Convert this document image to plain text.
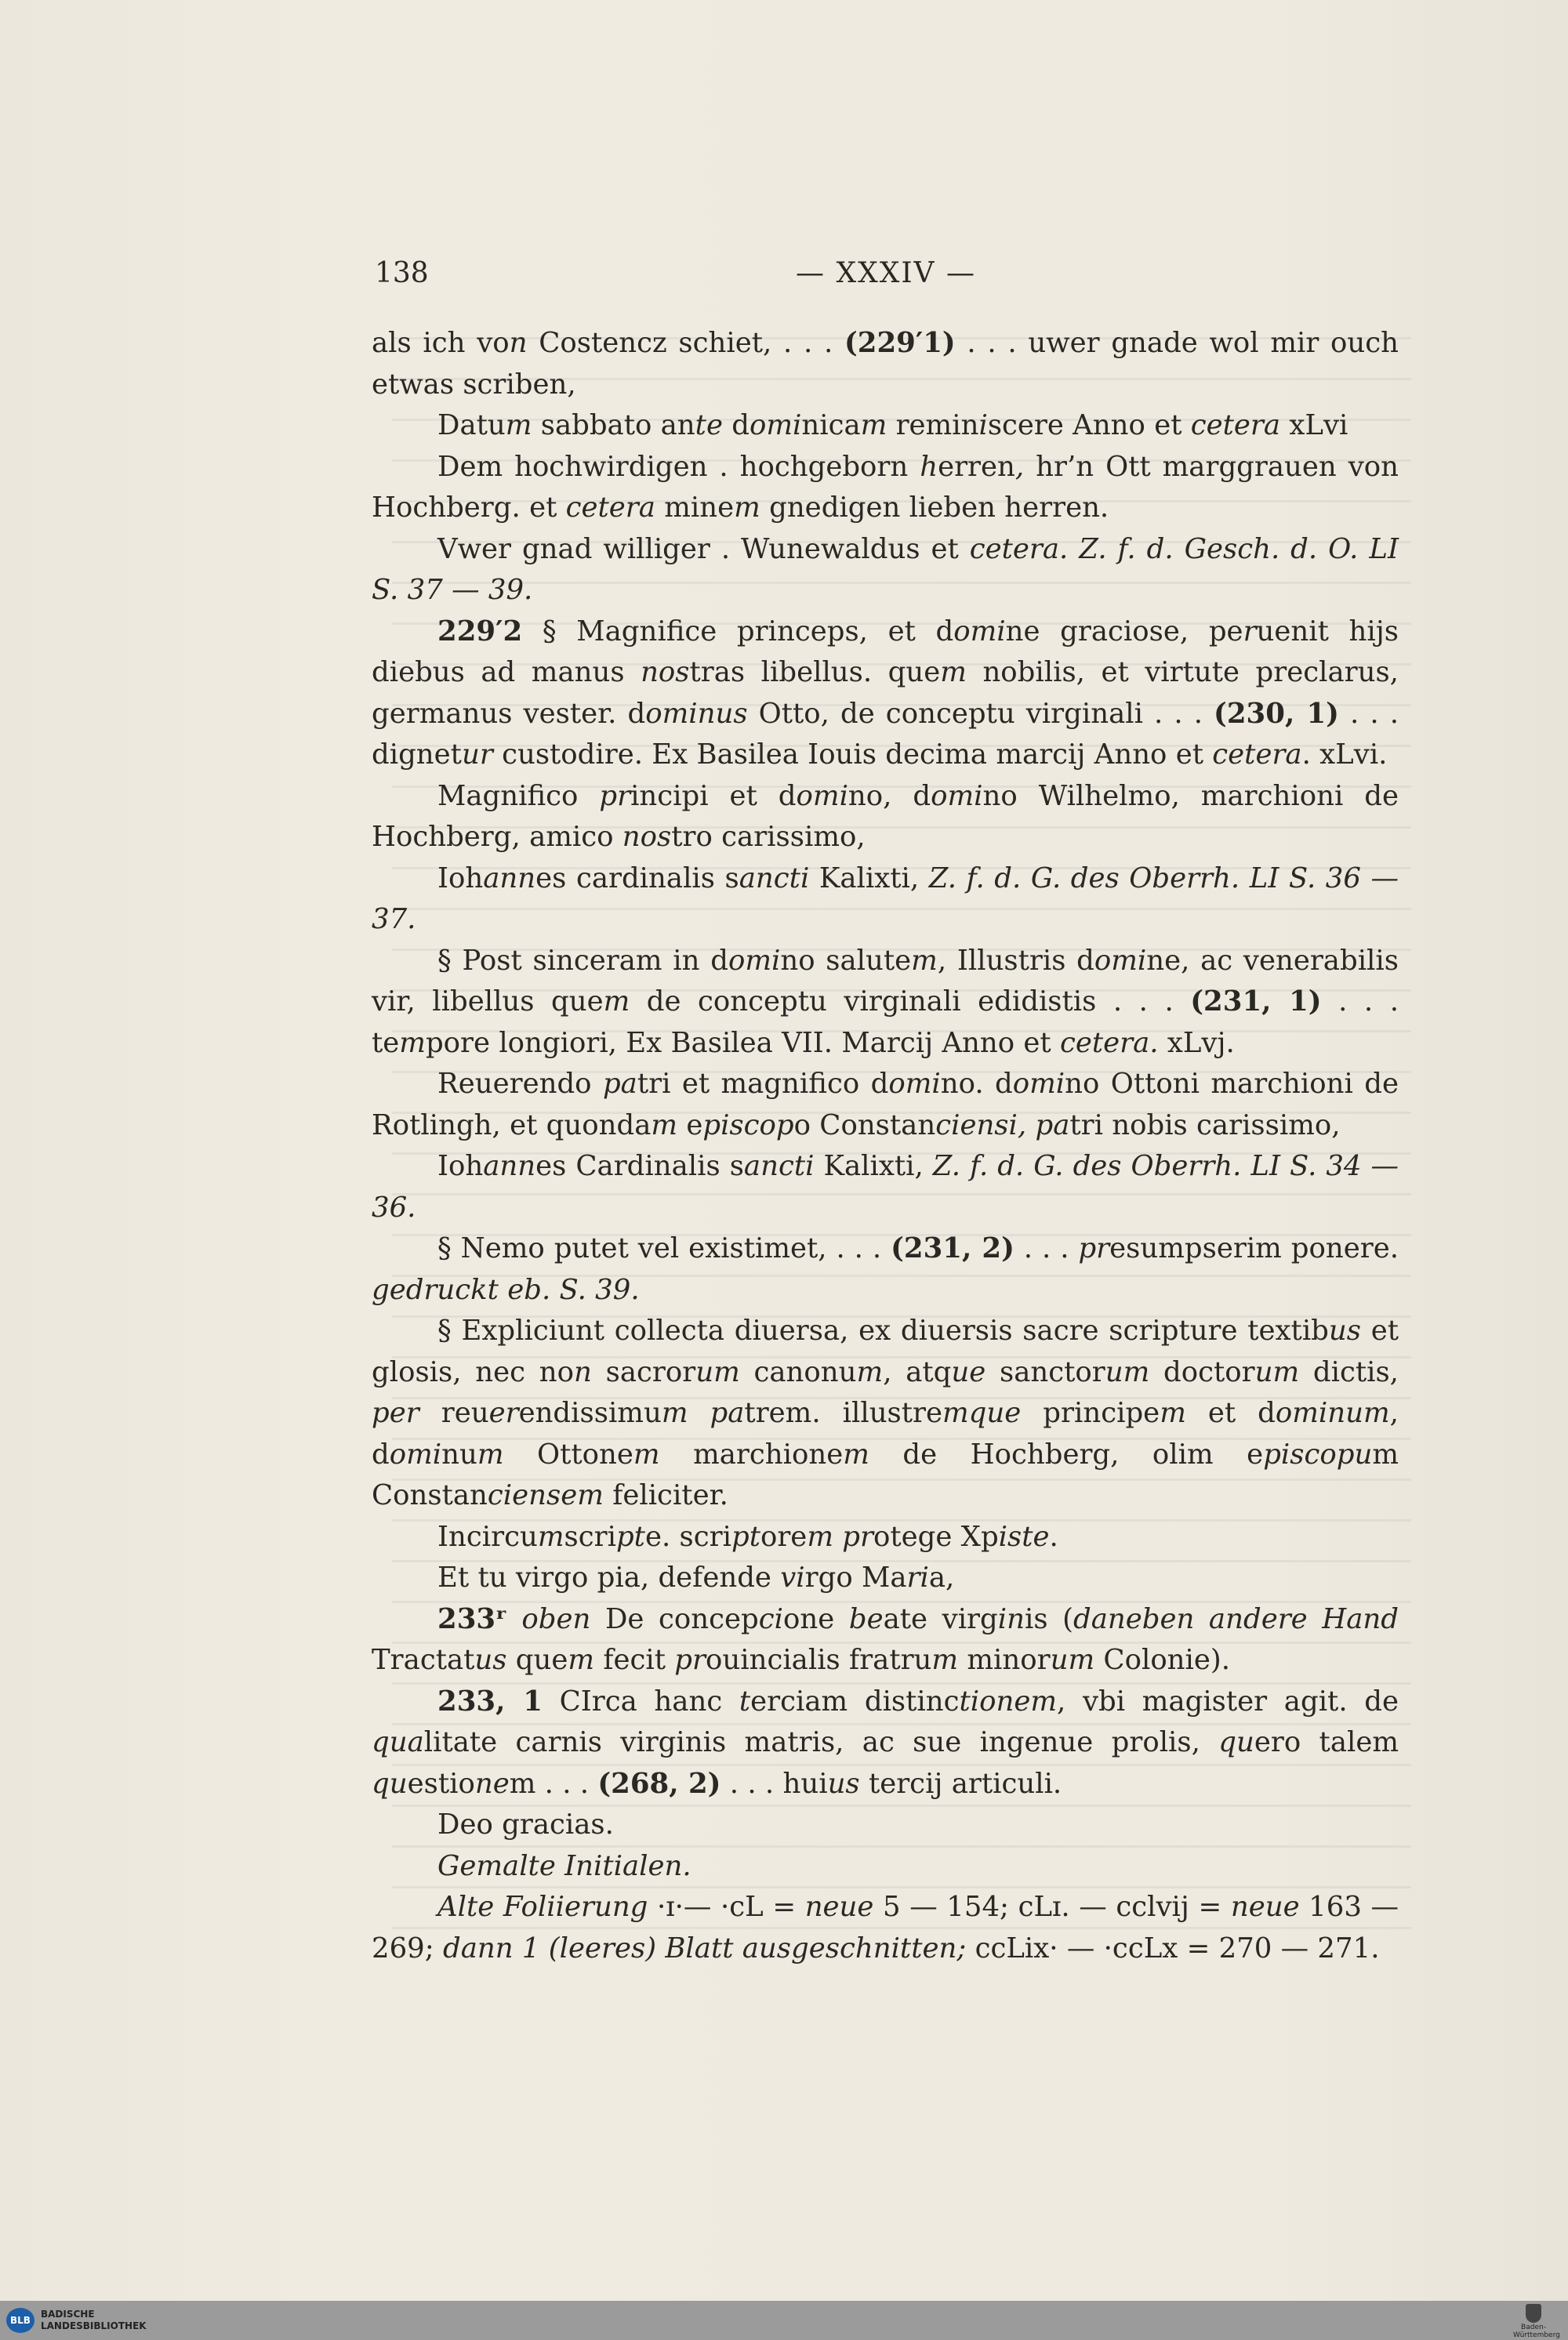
138	— XXXIV —

als ich von Costencz schiet, . . . (229′1) . . . uwer gnade wol mir ouch etwas scriben,

Datum sabbato ante dominicam reminiscere Anno et cetera xLvi

Dem hochwirdigen . hochgeborn herren, hr’n Ott marggrauen von Hochberg. et cetera minem gnedigen lieben herren.

Vwer gnad williger . Wunewaldus et cetera. Z. f. d. Gesch. d. O. LI S. 37 — 39.

229′2 § Magnifice princeps, et domine graciose, peruenit hijs diebus ad manus nostras libellus. quem nobilis, et virtute preclarus, germanus vester. dominus Otto, de conceptu virginali . . . (230, 1) . . . dignetur custodire. Ex Basilea Iouis decima marcij Anno et cetera. xLvi.

Magnifico principi et domino, domino Wilhelmo, marchioni de Hochberg, amico nostro carissimo,

Iohannes cardinalis sancti Kalixti, Z. f. d. G. des Oberrh. LI S. 36 — 37.

§ Post sinceram in domino salutem, Illustris domine, ac venerabilis vir, libellus quem de conceptu virginali edidistis . . . (231, 1) . . . tempore longiori, Ex Basilea VII. Marcij Anno et cetera. xLvj.

Reuerendo patri et magnifico domino. domino Ottoni marchioni de Rotlingh, et quondam episcopo Constanciensi, patri nobis carissimo,

Iohannes Cardinalis sancti Kalixti, Z. f. d. G. des Oberrh. LI S. 34 — 36.

§ Nemo putet vel existimet, . . . (231, 2) . . . presumpserim ponere. gedruckt eb. S. 39.

§ Expliciunt collecta diuersa, ex diuersis sacre scripture textibus et glosis, nec non sacrorum canonum, atque sanctorum doctorum dictis, per reuerendissimum patrem. illustremque principem et dominum, dominum Ottonem marchionem de Hochberg, olim episcopum Constanciensem feliciter.

Incircumscripte. scriptorem protege Xpiste.

Et tu virgo pia, defende virgo Maria,

233ʳ oben De concepcione beate virginis (daneben andere Hand Tractatus quem fecit prouincialis fratrum minorum Colonie).

233, 1 CIrca hanc terciam distinctionem, vbi magister agit. de qualitate carnis virginis matris, ac sue ingenue prolis, quero talem questionem . . . (268, 2) . . . huius tercij articuli.

Deo gracias.

Gemalte Initialen.

Alte Foliierung ·ɪ·— ·cL = neue 5 — 154; cLɪ. — cclvij = neue 163 — 269; dann 1 (leeres) Blatt ausgeschnitten; ccLix· — ·ccLx = 270 — 271.

BLB
BADISCHE
LANDESBIBLIOTHEK	Baden-Württemberg
